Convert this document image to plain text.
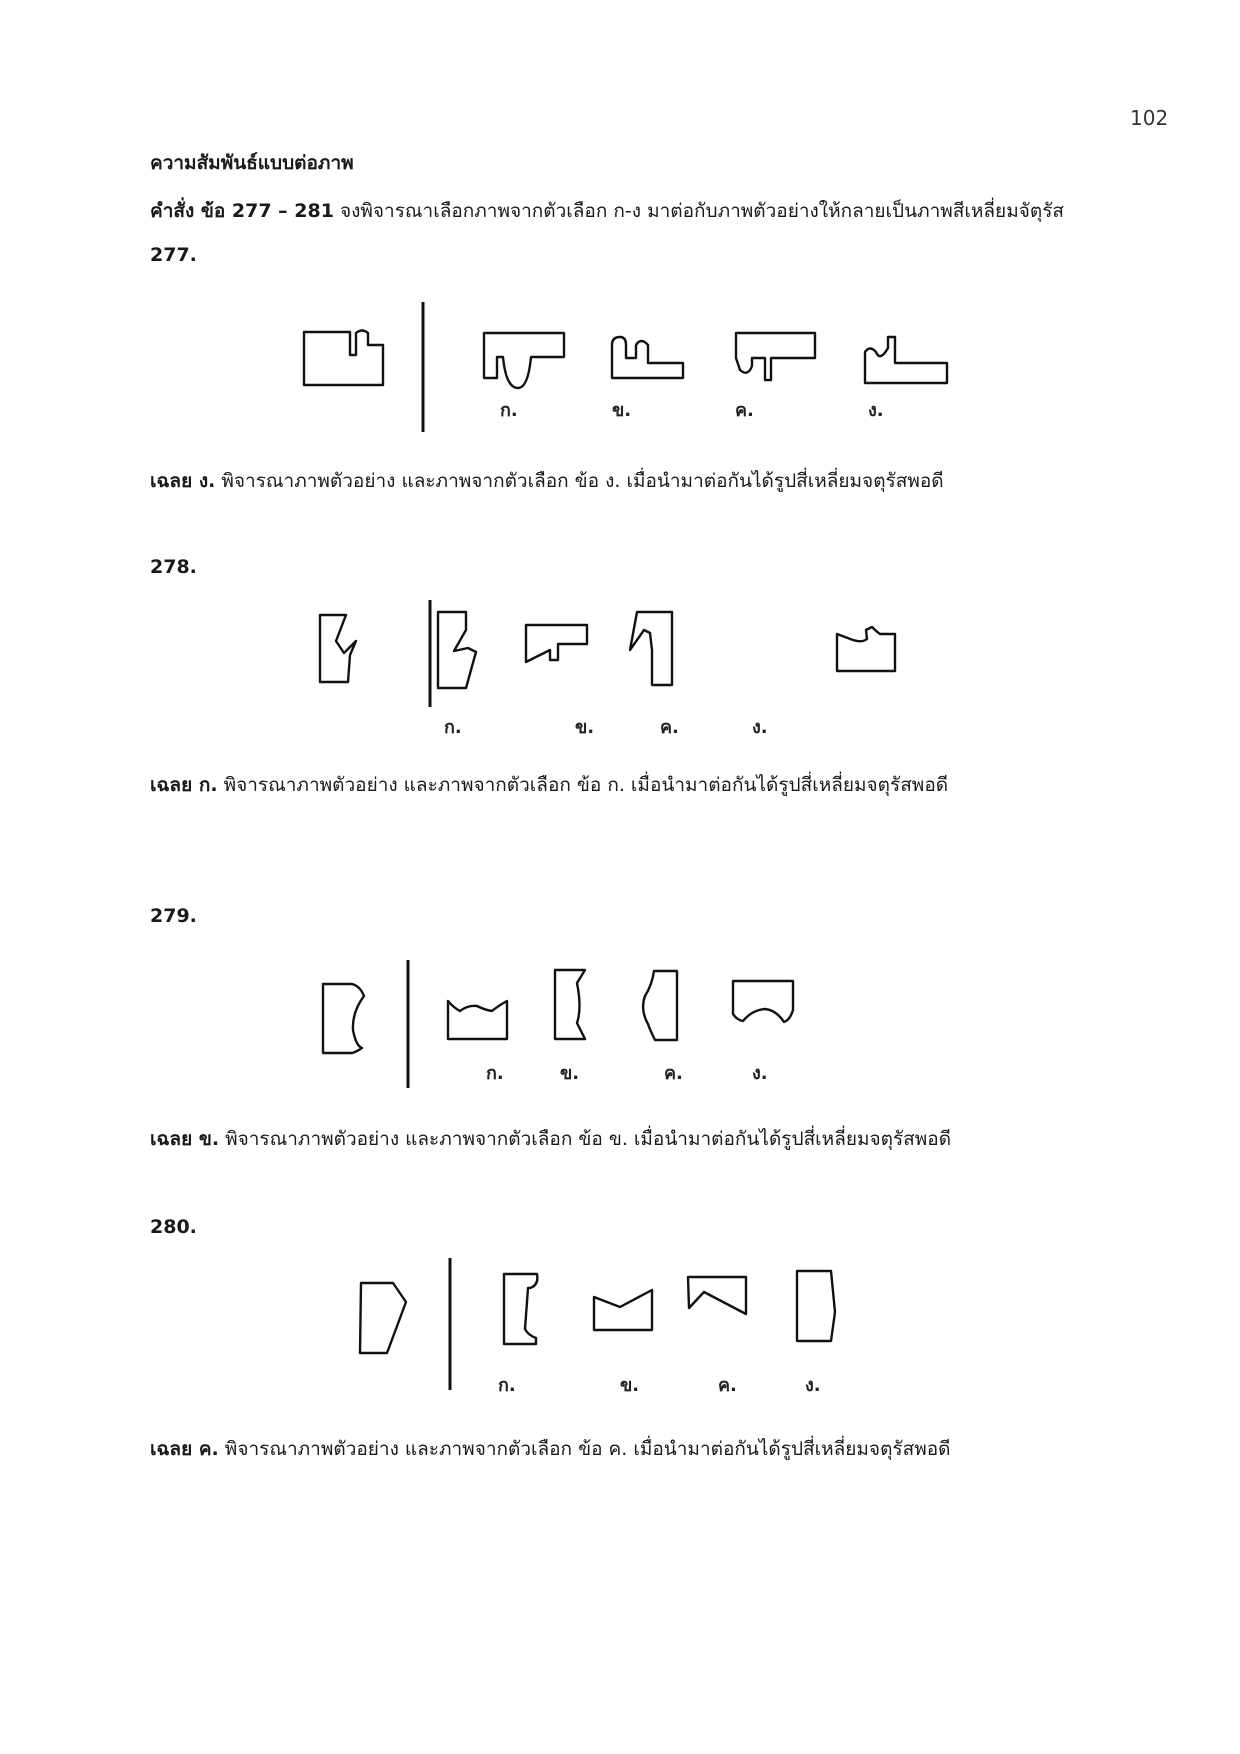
102
ความสัมพันธ์แบบต่อภาพ
คำสั่ง ข้อ 277 – 281 จงพิจารณาเลือกภาพจากตัวเลือก ก-ง มาต่อกับภาพตัวอย่างให้กลายเป็นภาพสีเหลี่ยมจัตุรัส
277.
ก.	ข.	ค.	ง.
เฉลย ง. พิจารณาภาพตัวอย่าง และภาพจากตัวเลือก ข้อ ง. เมื่อนำมาต่อกันได้รูปสี่เหลี่ยมจตุรัสพอดี
278.
ก.	ข.	ค.	ง.
เฉลย ก. พิจารณาภาพตัวอย่าง และภาพจากตัวเลือก ข้อ ก. เมื่อนำมาต่อกันได้รูปสี่เหลี่ยมจตุรัสพอดี
279.
ก.	ข.	ค.	ง.
เฉลย ข. พิจารณาภาพตัวอย่าง และภาพจากตัวเลือก ข้อ ข. เมื่อนำมาต่อกันได้รูปสี่เหลี่ยมจตุรัสพอดี
280.
ก.	ข.	ค.	ง.
เฉลย ค. พิจารณาภาพตัวอย่าง และภาพจากตัวเลือก ข้อ ค. เมื่อนำมาต่อกันได้รูปสี่เหลี่ยมจตุรัสพอดี
